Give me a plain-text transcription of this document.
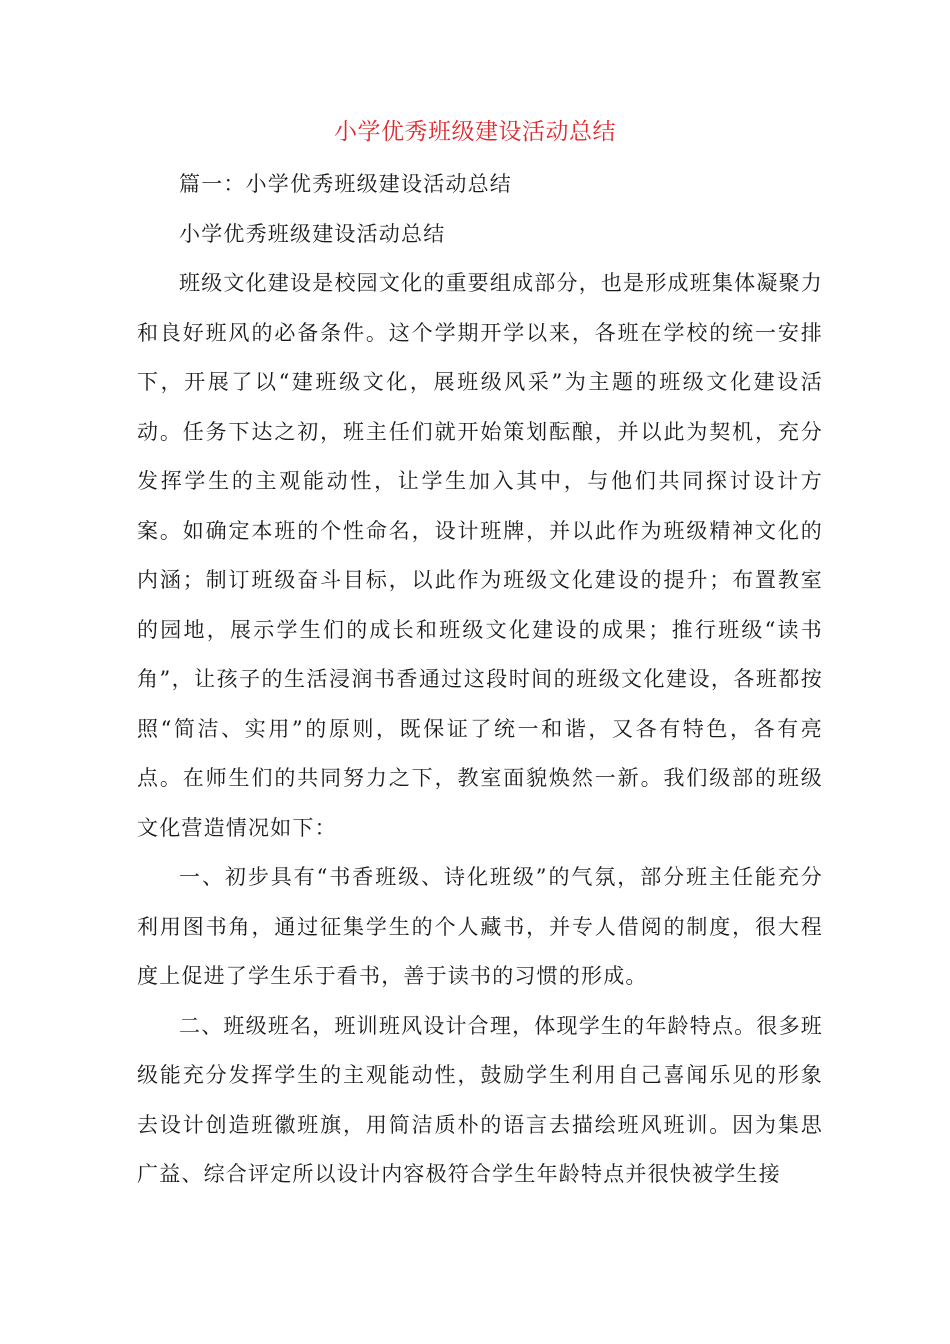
小学优秀班级建设活动总结

篇一：小学优秀班级建设活动总结

小学优秀班级建设活动总结

班级文化建设是校园文化的重要组成部分，也是形成班集体凝聚力和良好班风的必备条件。这个学期开学以来，各班在学校的统一安排下，开展了以“建班级文化，展班级风采”为主题的班级文化建设活动。任务下达之初，班主任们就开始策划酝酿，并以此为契机，充分发挥学生的主观能动性，让学生加入其中，与他们共同探讨设计方案。如确定本班的个性命名，设计班牌，并以此作为班级精神文化的内涵；制订班级奋斗目标，以此作为班级文化建设的提升；布置教室的园地，展示学生们的成长和班级文化建设的成果；推行班级“读书角”，让孩子的生活浸润书香通过这段时间的班级文化建设，各班都按照“简洁、实用”的原则，既保证了统一和谐，又各有特色，各有亮点。在师生们的共同努力之下，教室面貌焕然一新。我们级部的班级文化营造情况如下：

一、初步具有“书香班级、诗化班级”的气氛，部分班主任能充分利用图书角，通过征集学生的个人藏书，并专人借阅的制度，很大程度上促进了学生乐于看书，善于读书的习惯的形成。

二、班级班名，班训班风设计合理，体现学生的年龄特点。很多班级能充分发挥学生的主观能动性，鼓励学生利用自己喜闻乐见的形象去设计创造班徽班旗，用简洁质朴的语言去描绘班风班训。因为集思广益、综合评定所以设计内容极符合学生年龄特点并很快被学生接
